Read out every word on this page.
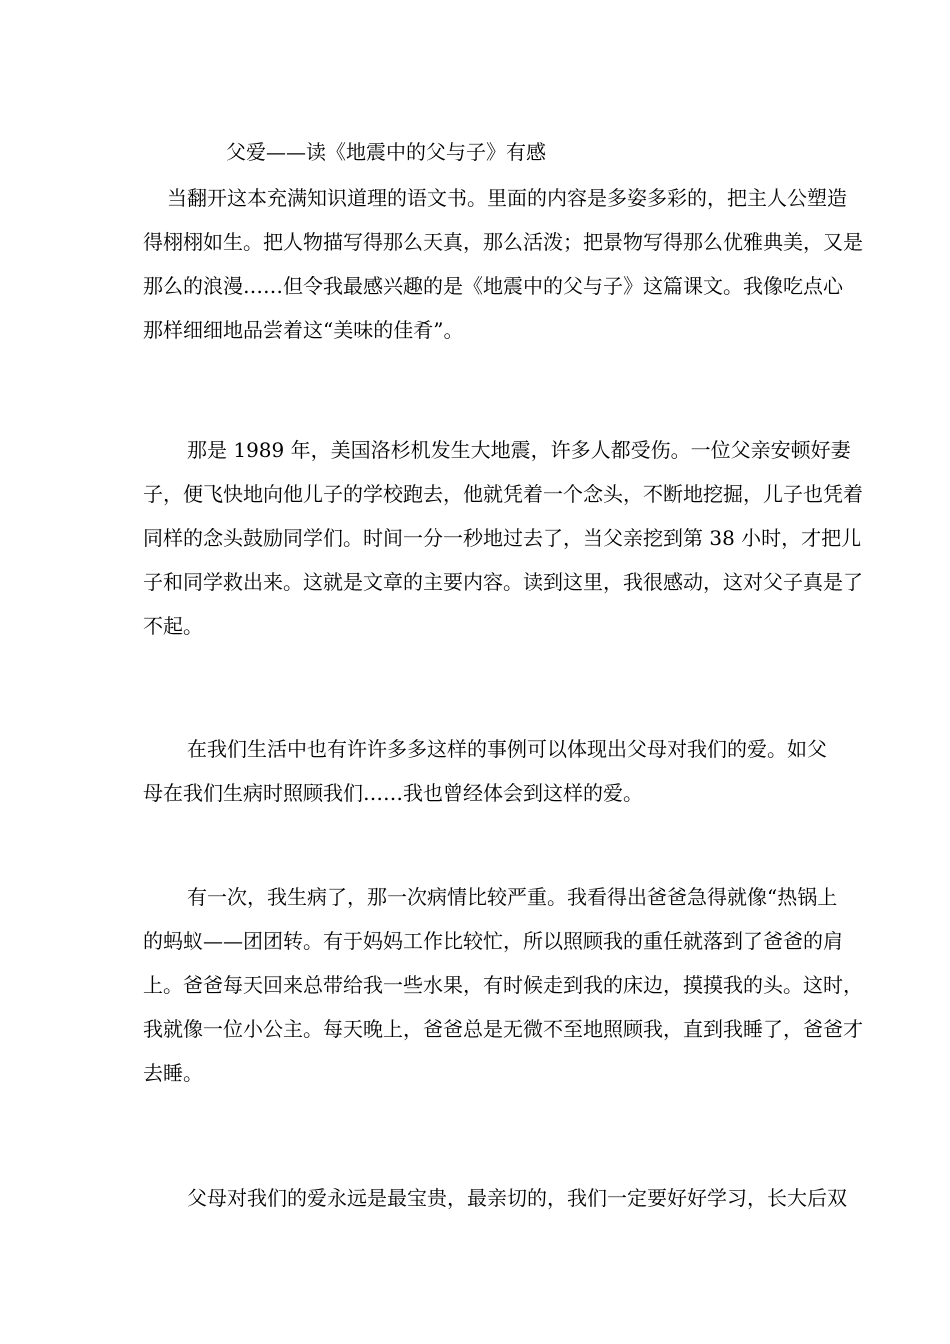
父爱——读《地震中的父与子》有感

当翻开这本充满知识道理的语文书。里面的内容是多姿多彩的，把主人公塑造
得栩栩如生。把人物描写得那么天真，那么活泼；把景物写得那么优雅典美，又是
那么的浪漫……但令我最感兴趣的是《地震中的父与子》这篇课文。我像吃点心
那样细细地品尝着这“美味的佳肴”。

那是 1989 年，美国洛杉机发生大地震，许多人都受伤。一位父亲安顿好妻
子，便飞快地向他儿子的学校跑去，他就凭着一个念头，不断地挖掘，儿子也凭着
同样的念头鼓励同学们。时间一分一秒地过去了，当父亲挖到第 38 小时，才把儿
子和同学救出来。这就是文章的主要内容。读到这里，我很感动，这对父子真是了
不起。

在我们生活中也有许许多多这样的事例可以体现出父母对我们的爱。如父
母在我们生病时照顾我们……我也曾经体会到这样的爱。

有一次，我生病了，那一次病情比较严重。我看得出爸爸急得就像“热锅上
的蚂蚁——团团转。有于妈妈工作比较忙，所以照顾我的重任就落到了爸爸的肩
上。爸爸每天回来总带给我一些水果，有时候走到我的床边，摸摸我的头。这时，
我就像一位小公主。每天晚上，爸爸总是无微不至地照顾我，直到我睡了，爸爸才
去睡。

父母对我们的爱永远是最宝贵，最亲切的，我们一定要好好学习，长大后双
